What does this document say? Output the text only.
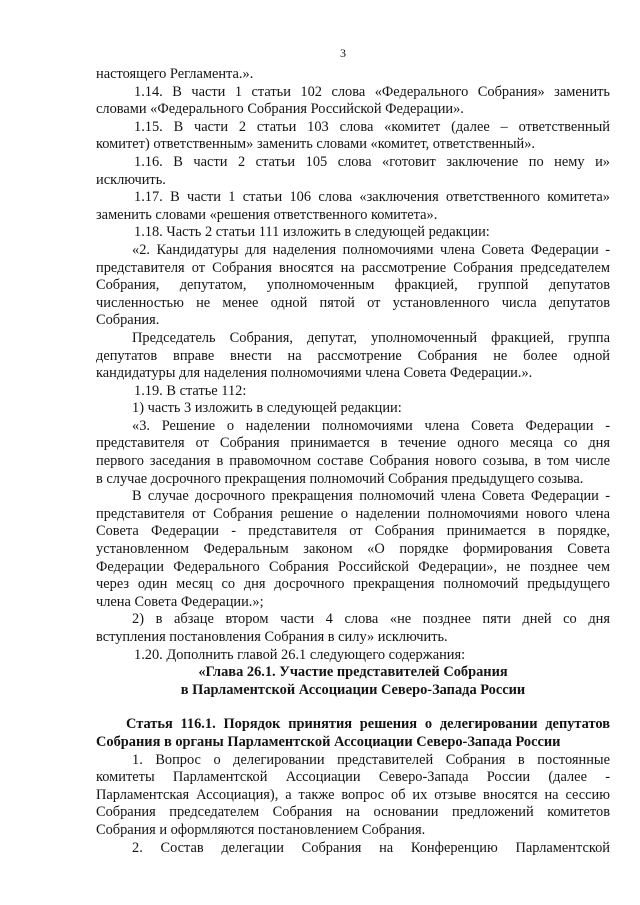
3
настоящего Регламента.».
1.14. В части 1 статьи 102 слова «Федерального Собрания» заменить
словами «Федерального Собрания Российской Федерации».
1.15. В части 2 статьи 103 слова «комитет (далее – ответственный
комитет) ответственным» заменить словами «комитет, ответственный».
1.16. В части 2 статьи 105 слова «готовит заключение по нему и»
исключить.
1.17. В части 1 статьи 106 слова «заключения ответственного комитета»
заменить словами «решения ответственного комитета».
1.18. Часть 2 статьи 111 изложить в следующей редакции:
«2. Кандидатуры для наделения полномочиями члена Совета Федерации -
представителя от Собрания вносятся на рассмотрение Собрания председателем
Собрания, депутатом, уполномоченным фракцией, группой депутатов
численностью не менее одной пятой от установленного числа депутатов
Собрания.
Председатель Собрания, депутат, уполномоченный фракцией, группа
депутатов вправе внести на рассмотрение Собрания не более одной
кандидатуры для наделения полномочиями члена Совета Федерации.».
1.19. В статье 112:
1) часть 3 изложить в следующей редакции:
«3. Решение о наделении полномочиями члена Совета Федерации -
представителя от Собрания принимается в течение одного месяца со дня
первого заседания в правомочном составе Собрания нового созыва, в том числе
в случае досрочного прекращения полномочий Собрания предыдущего созыва.
В случае досрочного прекращения полномочий члена Совета Федерации -
представителя от Собрания решение о наделении полномочиями нового члена
Совета Федерации - представителя от Собрания принимается в порядке,
установленном Федеральным законом «О порядке формирования Совета
Федерации Федерального Собрания Российской Федерации», не позднее чем
через один месяц со дня досрочного прекращения полномочий предыдущего
члена Совета Федерации.»;
2) в абзаце втором части 4 слова «не позднее пяти дней со дня
вступления постановления Собрания в силу» исключить.
1.20. Дополнить главой 26.1 следующего содержания:
«Глава 26.1. Участие представителей Собрания
в Парламентской Ассоциации Северо-Запада России
Статья 116.1. Порядок принятия решения о делегировании депутатов
Собрания в органы Парламентской Ассоциации Северо-Запада России
1. Вопрос о делегировании представителей Собрания в постоянные
комитеты Парламентской Ассоциации Северо-Запада России (далее -
Парламентская Ассоциация), а также вопрос об их отзыве вносятся на сессию
Собрания председателем Собрания на основании предложений комитетов
Собрания и оформляются постановлением Собрания.
2. Состав делегации Собрания на Конференцию Парламентской
